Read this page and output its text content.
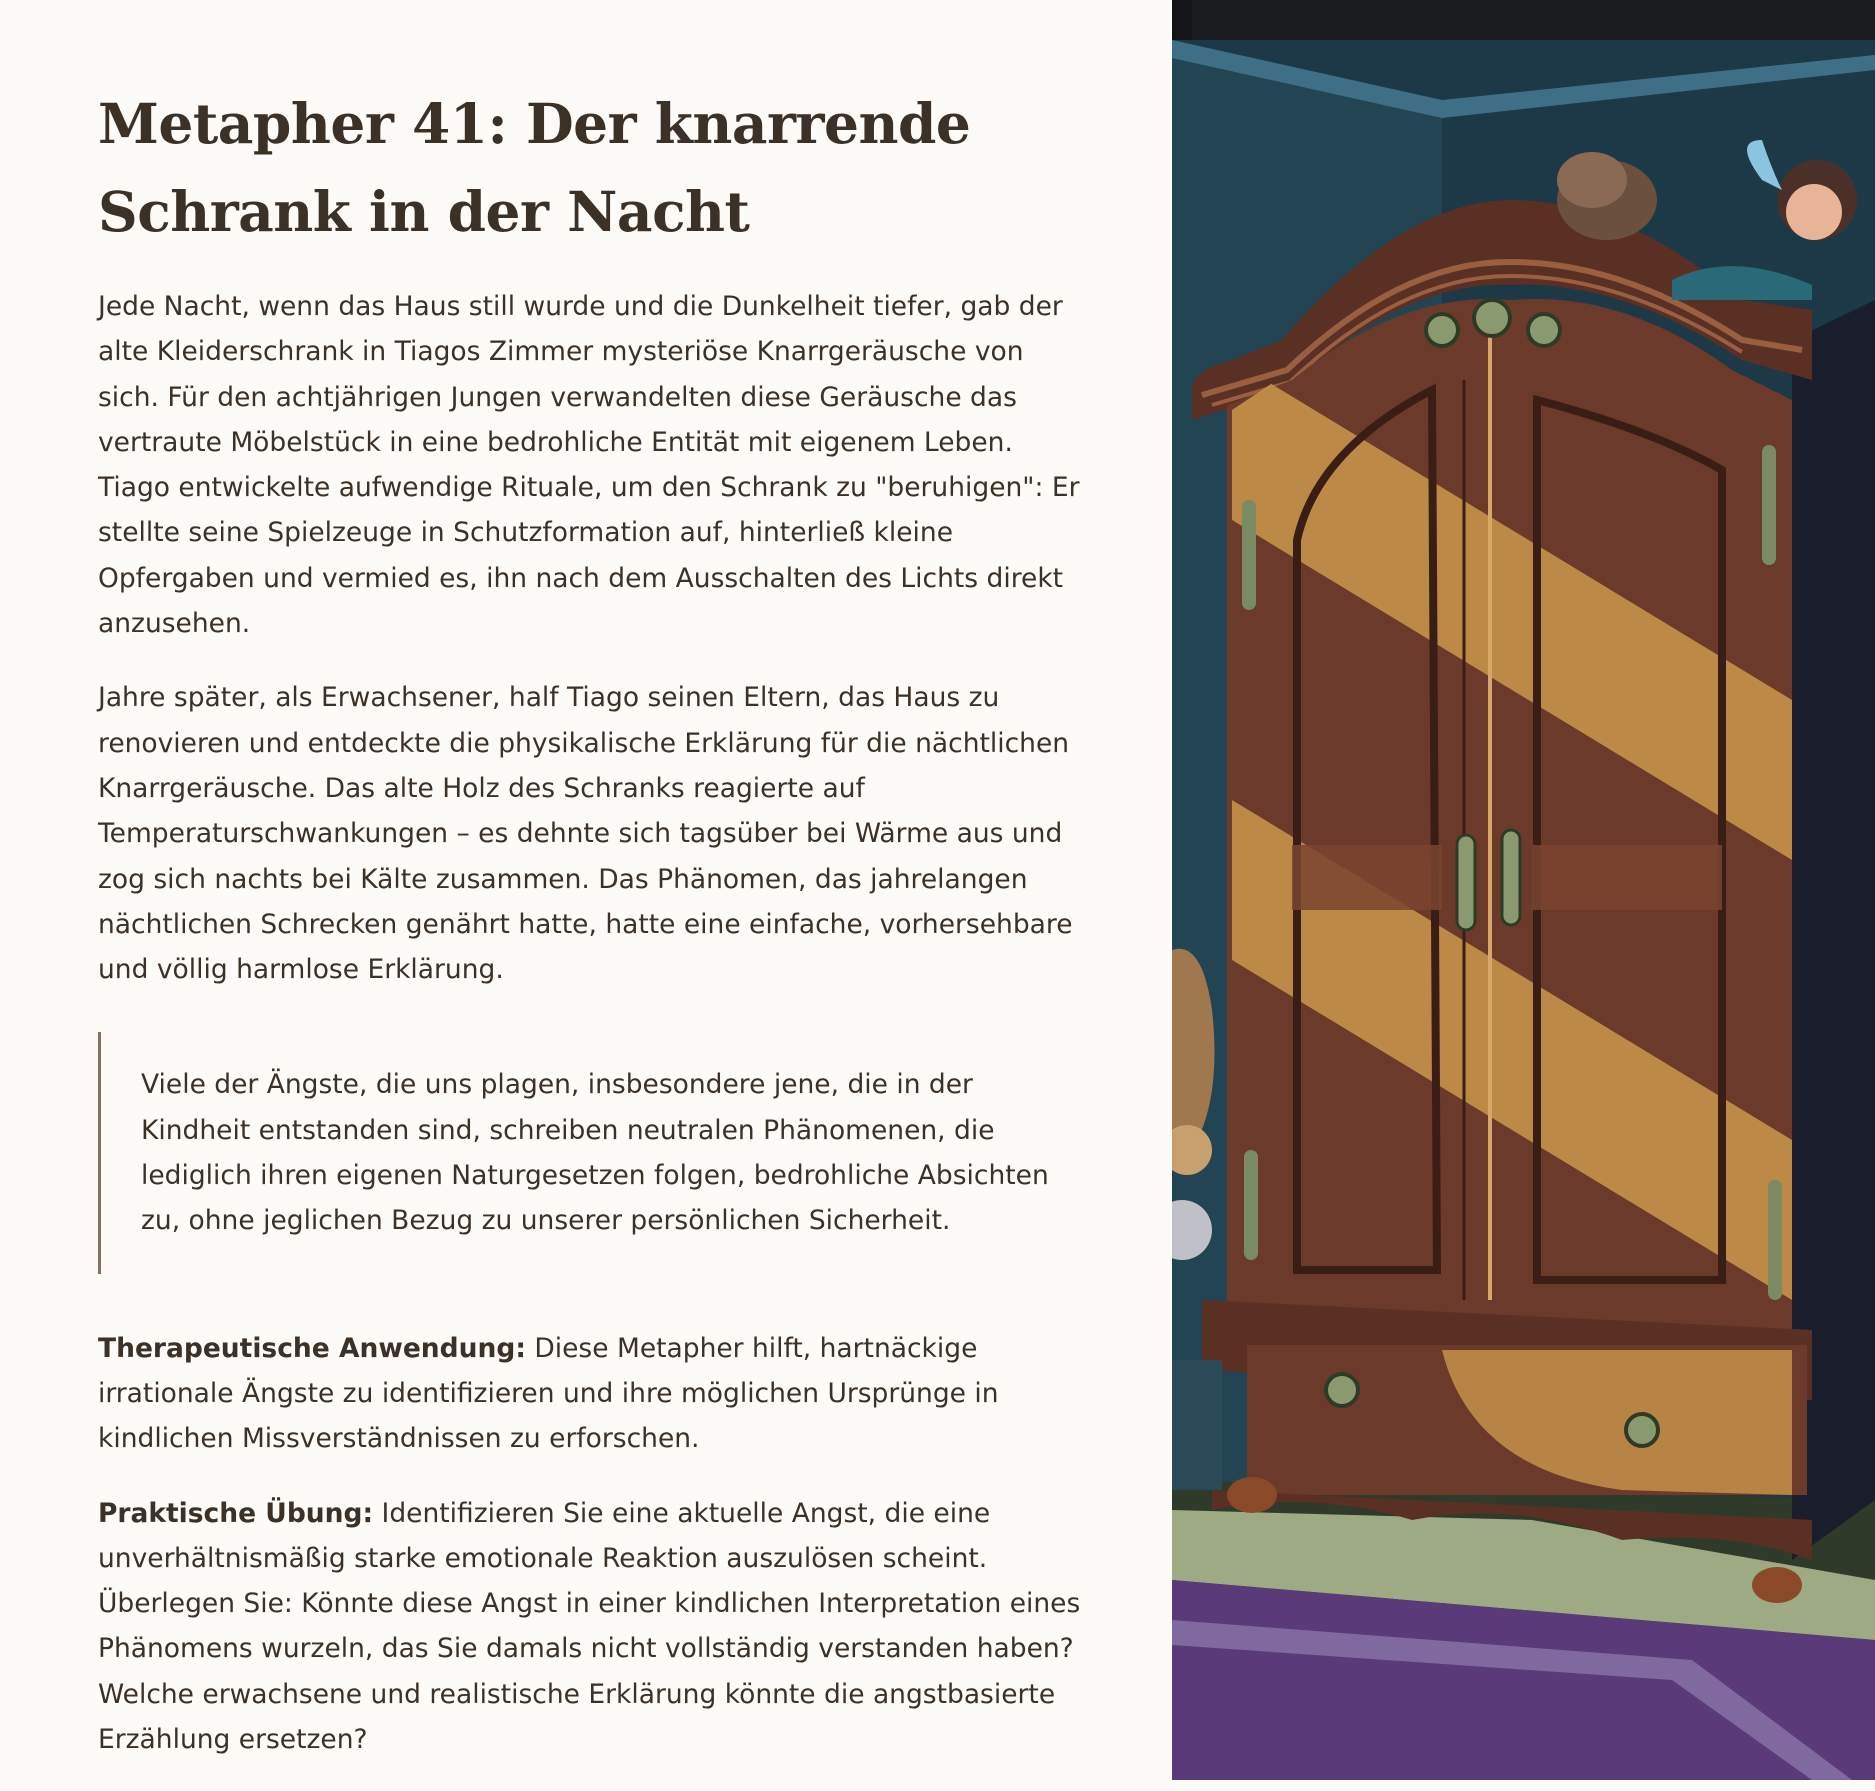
Metapher 41: Der knarrende Schrank in der Nacht

Jede Nacht, wenn das Haus still wurde und die Dunkelheit tiefer, gab der alte Kleiderschrank in Tiagos Zimmer mysteriöse Knarrgeräusche von sich. Für den achtjährigen Jungen verwandelten diese Geräusche das vertraute Möbelstück in eine bedrohliche Entität mit eigenem Leben. Tiago entwickelte aufwendige Rituale, um den Schrank zu "beruhigen": Er stellte seine Spielzeuge in Schutzformation auf, hinterließ kleine Opfergaben und vermied es, ihn nach dem Ausschalten des Lichts direkt anzusehen.

Jahre später, als Erwachsener, half Tiago seinen Eltern, das Haus zu renovieren und entdeckte die physikalische Erklärung für die nächtlichen Knarrgeräusche. Das alte Holz des Schranks reagierte auf Temperaturschwankungen – es dehnte sich tagsüber bei Wärme aus und zog sich nachts bei Kälte zusammen. Das Phänomen, das jahrelangen nächtlichen Schrecken genährt hatte, hatte eine einfache, vorhersehbare und völlig harmlose Erklärung.

Viele der Ängste, die uns plagen, insbesondere jene, die in der Kindheit entstanden sind, schreiben neutralen Phänomenen, die lediglich ihren eigenen Naturgesetzen folgen, bedrohliche Absichten zu, ohne jeglichen Bezug zu unserer persönlichen Sicherheit.

Therapeutische Anwendung: Diese Metapher hilft, hartnäckige irrationale Ängste zu identifizieren und ihre möglichen Ursprünge in kindlichen Missverständnissen zu erforschen.

Praktische Übung: Identifizieren Sie eine aktuelle Angst, die eine unverhältnismäßig starke emotionale Reaktion auszulösen scheint. Überlegen Sie: Könnte diese Angst in einer kindlichen Interpretation eines Phänomens wurzeln, das Sie damals nicht vollständig verstanden haben? Welche erwachsene und realistische Erklärung könnte die angstbasierte Erzählung ersetzen?
